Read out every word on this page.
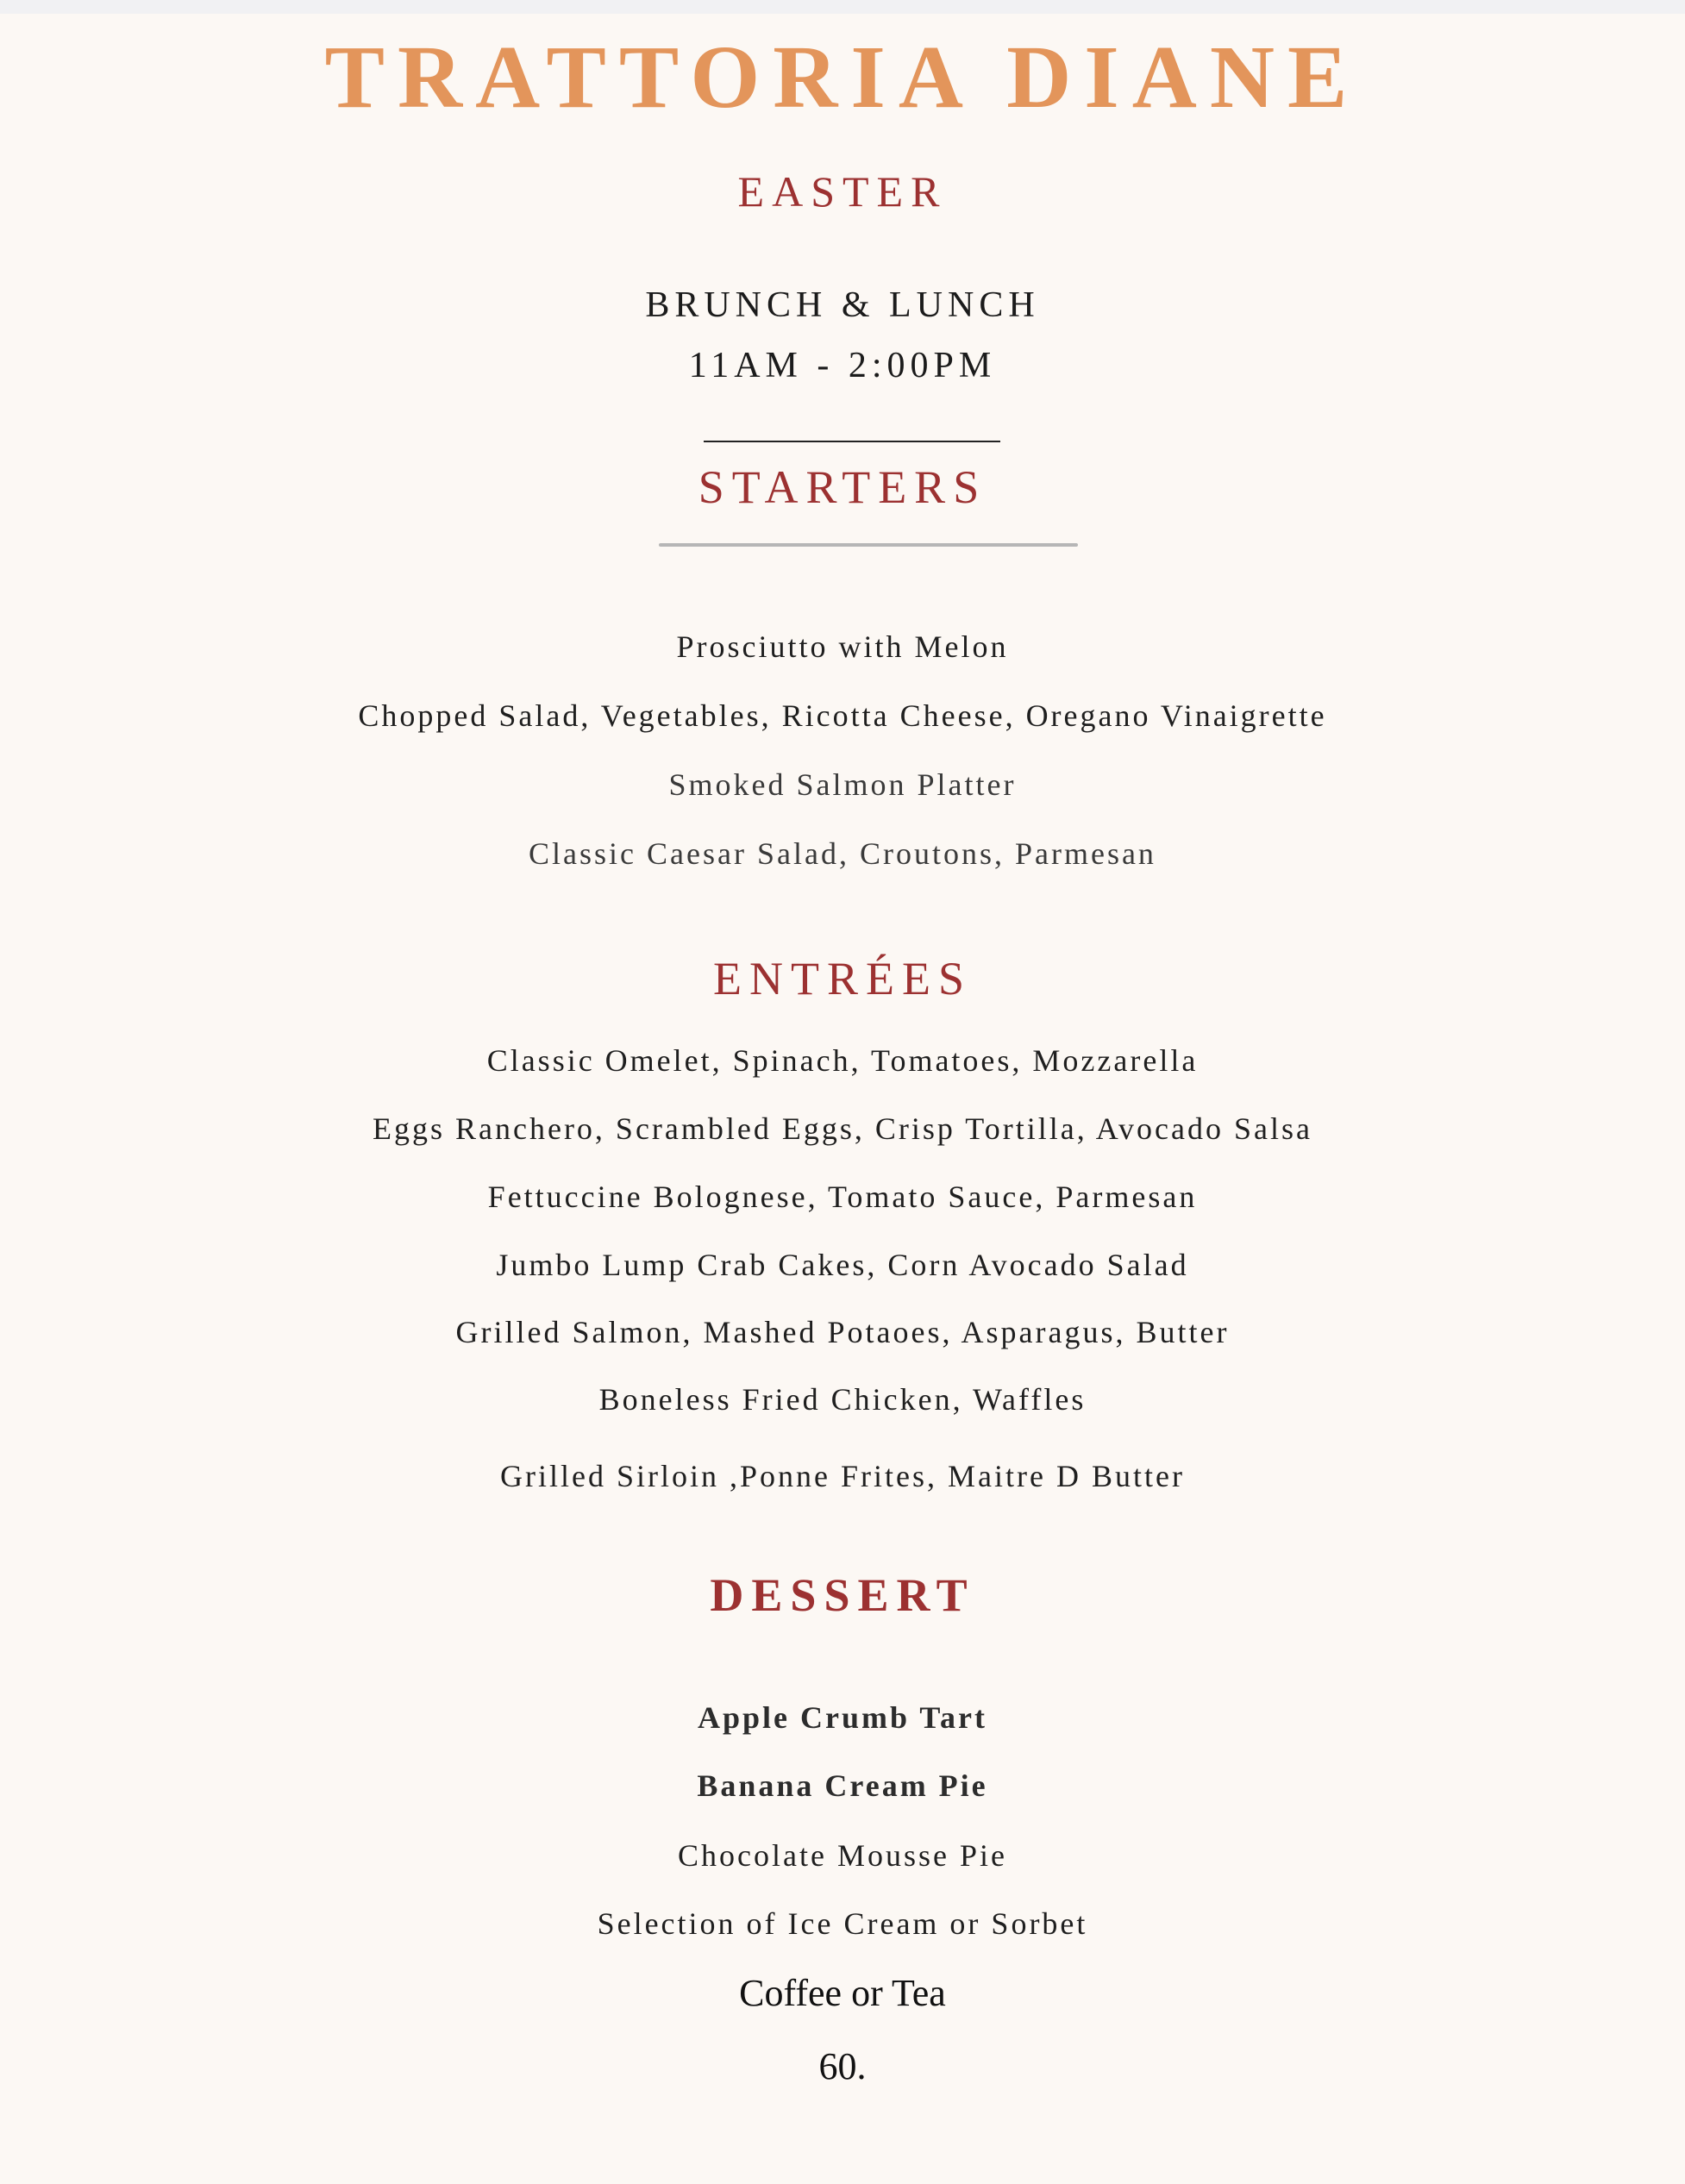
TRATTORIA DIANE
EASTER
BRUNCH & LUNCH
11AM - 2:00PM
STARTERS
Prosciutto with Melon
Chopped Salad, Vegetables, Ricotta Cheese, Oregano Vinaigrette
Smoked Salmon Platter
Classic Caesar Salad, Croutons, Parmesan
ENTRÉES
Classic Omelet, Spinach, Tomatoes, Mozzarella
Eggs Ranchero, Scrambled Eggs, Crisp Tortilla, Avocado Salsa
Fettuccine Bolognese, Tomato Sauce, Parmesan
Jumbo Lump Crab Cakes, Corn Avocado Salad
Grilled Salmon, Mashed Potaoes, Asparagus, Butter
Boneless Fried Chicken, Waffles
Grilled Sirloin ,Ponne Frites, Maitre D Butter
DESSERT
Apple Crumb Tart
Banana Cream Pie
Chocolate Mousse Pie
Selection of Ice Cream or Sorbet
Coffee or Tea
60.
